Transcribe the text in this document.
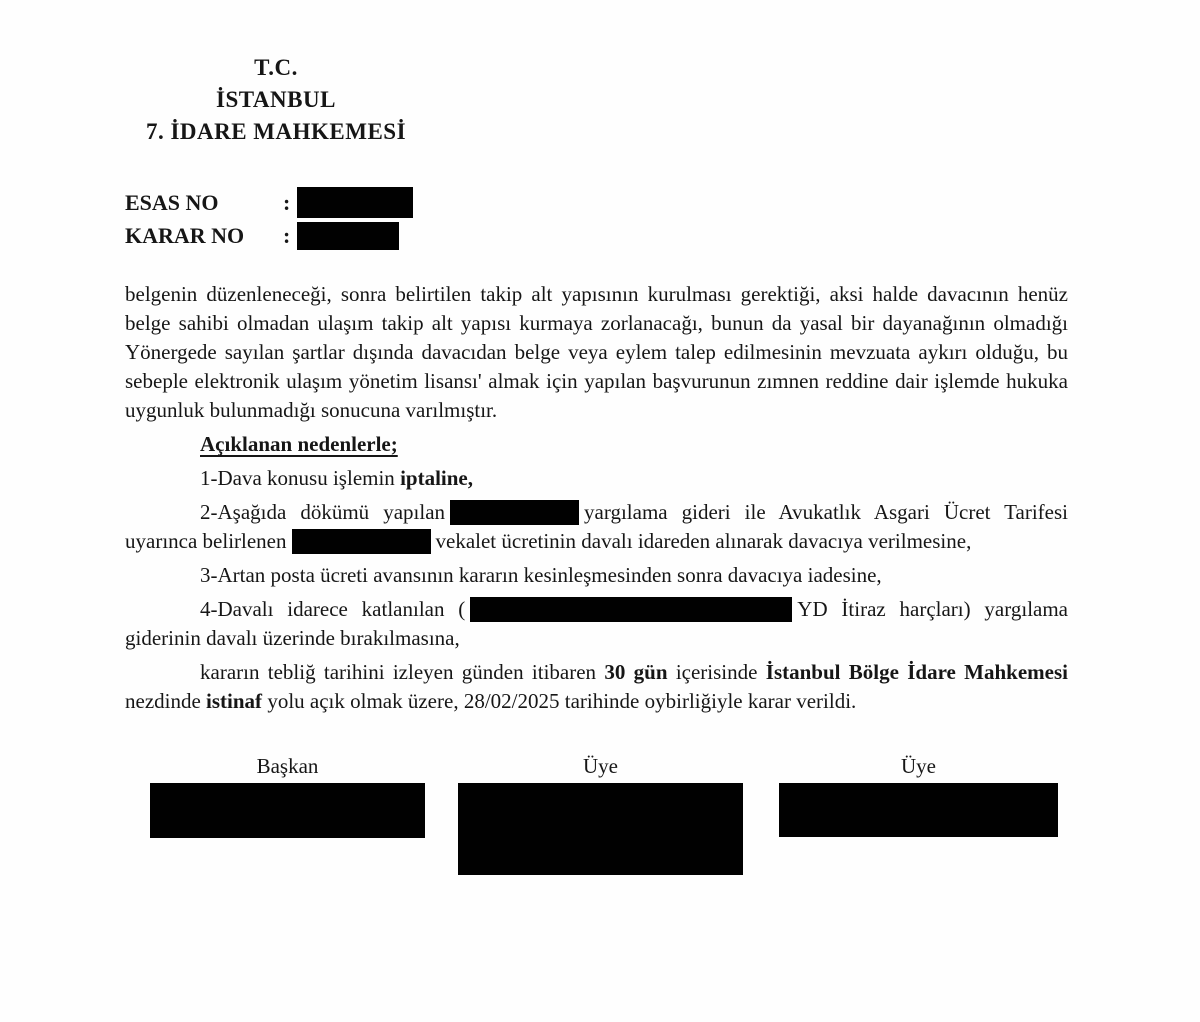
T.C.
İSTANBUL
7. İDARE MAHKEMESİ
ESAS NO	:
KARAR NO	:

belgenin düzenleneceği, sonra belirtilen takip alt yapısının kurulması gerektiği, aksi halde davacının henüz belge sahibi olmadan ulaşım takip alt yapısı kurmaya zorlanacağı, bunun da yasal bir dayanağının olmadığı Yönergede sayılan şartlar dışında davacıdan belge veya eylem talep edilmesinin mevzuata aykırı olduğu, bu sebeple elektronik ulaşım yönetim lisansı' almak için yapılan başvurunun zımnen reddine dair işlemde hukuka uygunluk bulunmadığı sonucuna varılmıştır.

Açıklanan nedenlerle;

1-Dava konusu işlemin iptaline,

2-Aşağıda dökümü yapılan	yargılama gideri ile Avukatlık Asgari Ücret Tarifesi uyarınca belirlenen	vekalet ücretinin davalı idareden alınarak davacıya verilmesine,

3-Artan posta ücreti avansının kararın kesinleşmesinden sonra davacıya iadesine,

4-Davalı idarece katlanılan (	YD İtiraz harçları) yargılama giderinin davalı üzerinde bırakılmasına,

kararın tebliğ tarihini izleyen günden itibaren 30 gün içerisinde İstanbul Bölge İdare Mahkemesi nezdinde istinaf yolu açık olmak üzere, 28/02/2025 tarihinde oybirliğiyle karar verildi.

Başkan	Üye	Üye
